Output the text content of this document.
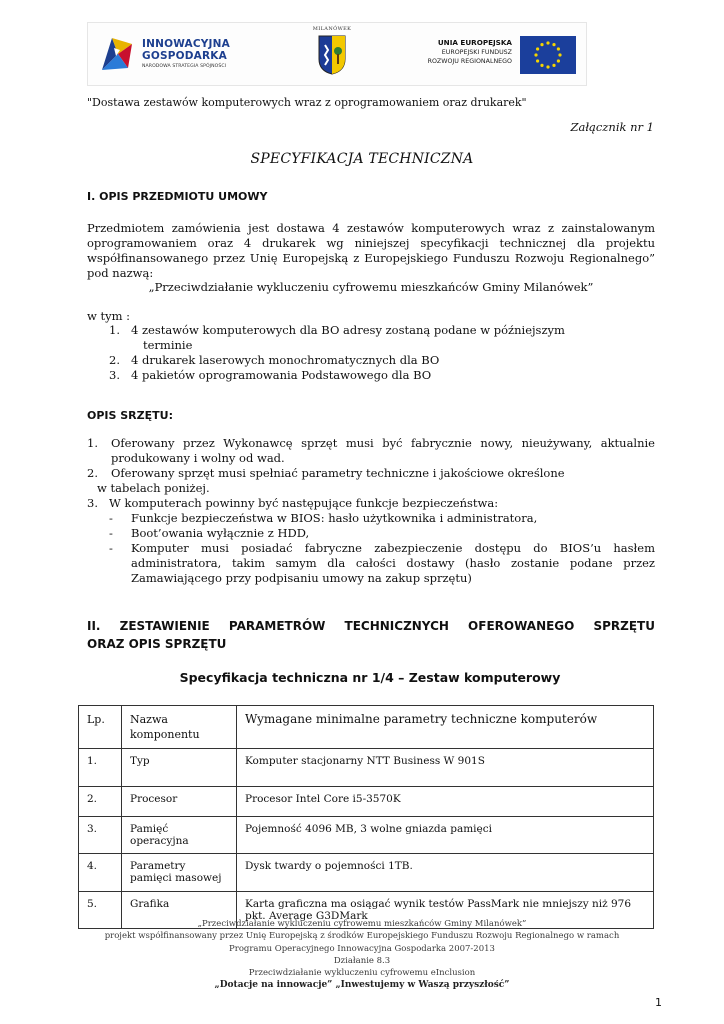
INNOWACYJNA
GOSPODARKA
NARODOWA STRATEGIA SPÓJNOŚCI
MILANÓWEK
UNIA EUROPEJSKA
EUROPEJSKI FUNDUSZ
ROZWOJU REGIONALNEGO
"Dostawa zestawów komputerowych wraz z oprogramowaniem oraz drukarek"
Załącznik nr 1
SPECYFIKACJA TECHNICZNA
I. OPIS PRZEDMIOTU UMOWY
Przedmiotem zamówienia jest dostawa 4 zestawów komputerowych wraz z zainstalowanym
oprogramowaniem oraz 4 drukarek wg niniejszej specyfikacji technicznej dla projektu
współfinansowanego przez Unię Europejską z Europejskiego Funduszu Rozwoju Regionalnego”
pod nazwą:
„Przeciwdziałanie wykluczeniu cyfrowemu mieszkańców Gminy Milanówek”
w tym :
1. 4 zestawów komputerowych dla BO adresy zostaną podane w późniejszym
terminie
2. 4 drukarek laserowych monochromatycznych dla BO
3. 4 pakietów oprogramowania Podstawowego dla BO
OPIS SRZĘTU:
1. Oferowany przez Wykonawcę sprzęt musi być fabrycznie nowy, nieużywany, aktualnie
produkowany i wolny od wad.
2. Oferowany sprzęt musi spełniać parametry techniczne i jakościowe określone
w tabelach poniżej.
3. W komputerach powinny być następujące funkcje bezpieczeństwa:
- Funkcje bezpieczeństwa w BIOS: hasło użytkownika i administratora,
- Boot’owania wyłącznie z HDD,
- Komputer musi posiadać fabryczne zabezpieczenie dostępu do BIOS’u hasłem
administratora, takim samym dla całości dostawy (hasło zostanie podane przez
Zamawiającego przy podpisaniu umowy na zakup sprzętu)
II. ZESTAWIENIE PARAMETRÓW TECHNICZNYCH OFEROWANEGO SPRZĘTU
ORAZ OPIS SPRZĘTU
Specyfikacja techniczna nr 1/4 – Zestaw komputerowy
Lp.	Nazwa komponentu	Wymagane minimalne parametry techniczne komputerów
1.	Typ	Komputer stacjonarny NTT Business W 901S
2.	Procesor	Procesor Intel Core i5-3570K
3.	Pamięć operacyjna	Pojemność 4096 MB, 3 wolne gniazda pamięci
4.	Parametry pamięci masowej	Dysk twardy o pojemności 1TB.
5.	Grafika	Karta graficzna ma osiągać wynik testów PassMark nie mniejszy niż 976 pkt. Average G3DMark
„Przeciwdziałanie wykluczeniu cyfrowemu mieszkańców Gminy Milanówek”
projekt współfinansowany przez Unię Europejską z środków Europejskiego Funduszu Rozwoju Regionalnego w ramach
Programu Operacyjnego Innowacyjna Gospodarka 2007-2013
Działanie 8.3
Przeciwdziałanie wykluczeniu cyfrowemu eInclusion
„Dotacje na innowacje” „Inwestujemy w Waszą przyszłość”
1
